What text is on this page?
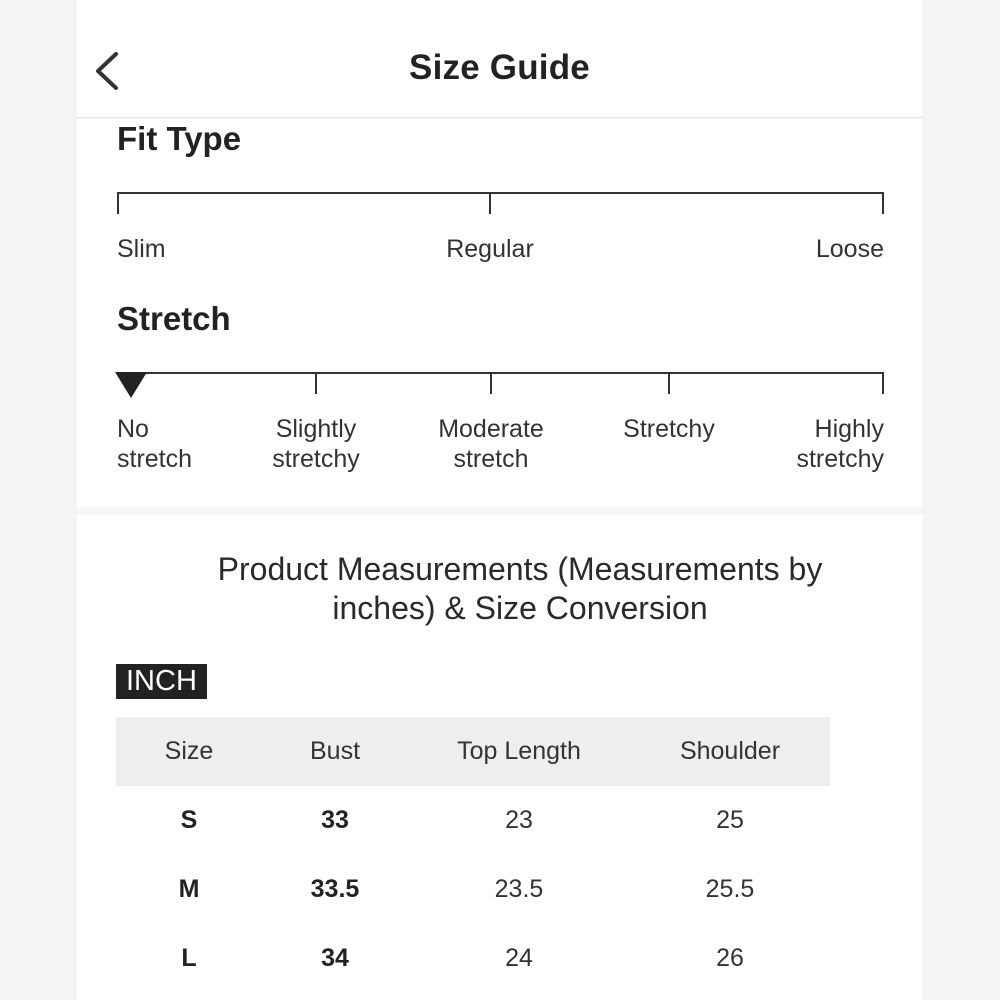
Size Guide
Fit Type
Slim	Regular	Loose
Stretch
No
stretch
Slightly
stretchy
Moderate
stretch
Stretchy	Highly
stretchy
Product Measurements (Measurements by
inches) & Size Conversion
INCH
Size	Bust	Top Length	Shoulder
S	33	23	25
M	33.5	23.5	25.5
L	34	24	26
